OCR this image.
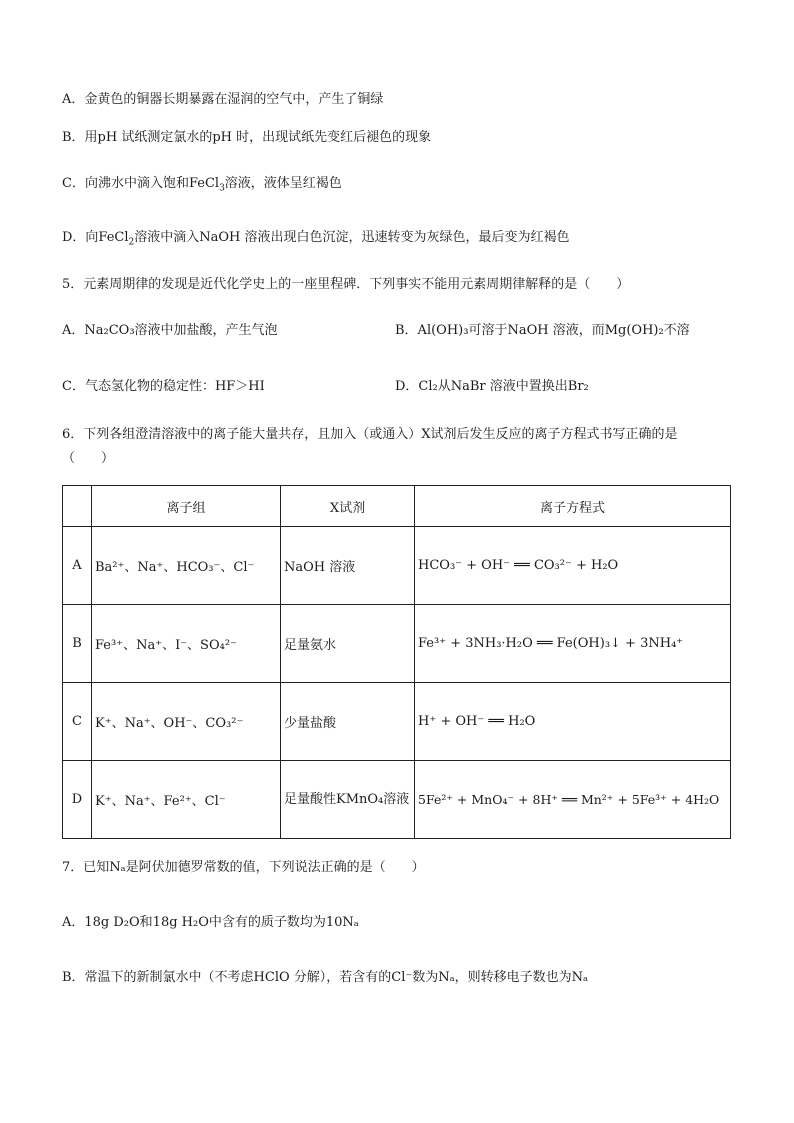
A．金黄色的铜器长期暴露在湿润的空气中，产生了铜绿
B．用pH 试纸测定氯水的pH 时，出现试纸先变红后褪色的现象
C．向沸水中滴入饱和FeCl$_3$溶液，液体呈红褐色
D．向FeCl$_2$溶液中滴入NaOH 溶液出现白色沉淀，迅速转变为灰绿色，最后变为红褐色
5．元素周期律的发现是近代化学史上的一座里程碑．下列事实不能用元素周期律解释的是（　　）
A．Na₂CO₃溶液中加盐酸，产生气泡	B．Al(OH)₃可溶于NaOH 溶液，而Mg(OH)₂不溶
C．气态氢化物的稳定性：HF＞HI	D．Cl₂从NaBr 溶液中置换出Br₂
6．下列各组澄清溶液中的离子能大量共存，且加入（或通入）X试剂后发生反应的离子方程式书写正确的是
（　　）
	离子组	X试剂	离子方程式
A	Ba²⁺、Na⁺、HCO₃⁻、Cl⁻	NaOH 溶液	HCO₃⁻ + OH⁻ ══ CO₃²⁻ + H₂O
B	Fe³⁺、Na⁺、I⁻、SO₄²⁻	足量氨水	Fe³⁺ + 3NH₃·H₂O ══ Fe(OH)₃↓ + 3NH₄⁺
C	K⁺、Na⁺、OH⁻、CO₃²⁻	少量盐酸	H⁺ + OH⁻ ══ H₂O
D	K⁺、Na⁺、Fe²⁺、Cl⁻	足量酸性KMnO₄溶液	5Fe²⁺ + MnO₄⁻ + 8H⁺ ══ Mn²⁺ + 5Fe³⁺ + 4H₂O
7．已知Nₐ是阿伏加德罗常数的值，下列说法正确的是（　　）
A．18g D₂O和18g H₂O中含有的质子数均为10Nₐ
B．常温下的新制氯水中（不考虑HClO 分解），若含有的Cl⁻数为Nₐ，则转移电子数也为Nₐ
